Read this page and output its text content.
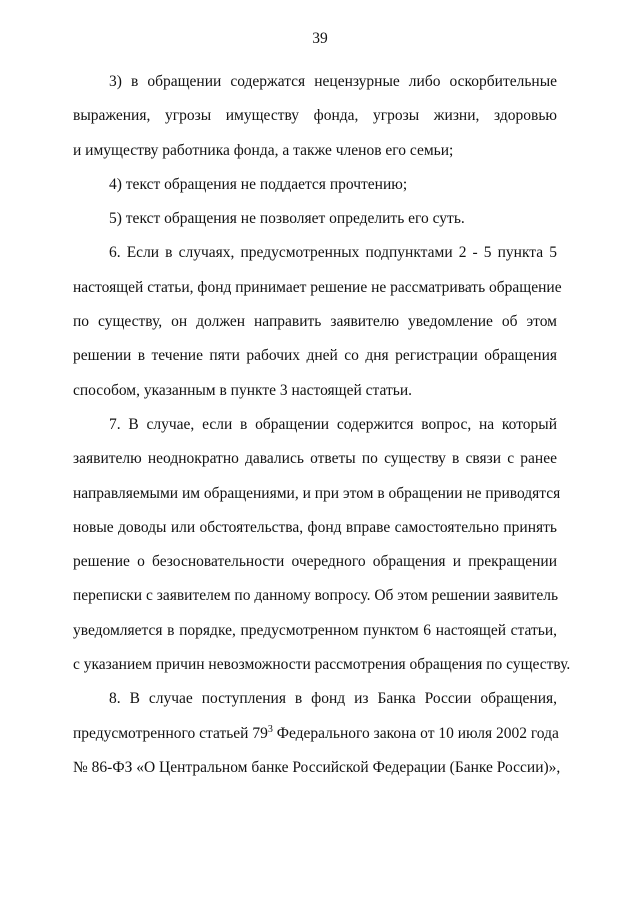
39

3) в обращении содержатся нецензурные либо оскорбительные
выражения, угрозы имуществу фонда, угрозы жизни, здоровью
и имуществу работника фонда, а также членов его семьи;

4) текст обращения не поддается прочтению;

5) текст обращения не позволяет определить его суть.

6. Если в случаях, предусмотренных подпунктами 2 - 5 пункта 5
настоящей статьи, фонд принимает решение не рассматривать обращение
по существу, он должен направить заявителю уведомление об этом
решении в течение пяти рабочих дней со дня регистрации обращения
способом, указанным в пункте 3 настоящей статьи.

7. В случае, если в обращении содержится вопрос, на который
заявителю неоднократно давались ответы по существу в связи с ранее
направляемыми им обращениями, и при этом в обращении не приводятся
новые доводы или обстоятельства, фонд вправе самостоятельно принять
решение о безосновательности очередного обращения и прекращении
переписки с заявителем по данному вопросу. Об этом решении заявитель
уведомляется в порядке, предусмотренном пунктом 6 настоящей статьи,
с указанием причин невозможности рассмотрения обращения по существу.

8. В случае поступления в фонд из Банка России обращения,
предусмотренного статьей $79^3$ Федерального закона от 10 июля 2002 года
№ 86-ФЗ «О Центральном банке Российской Федерации (Банке России)»,
